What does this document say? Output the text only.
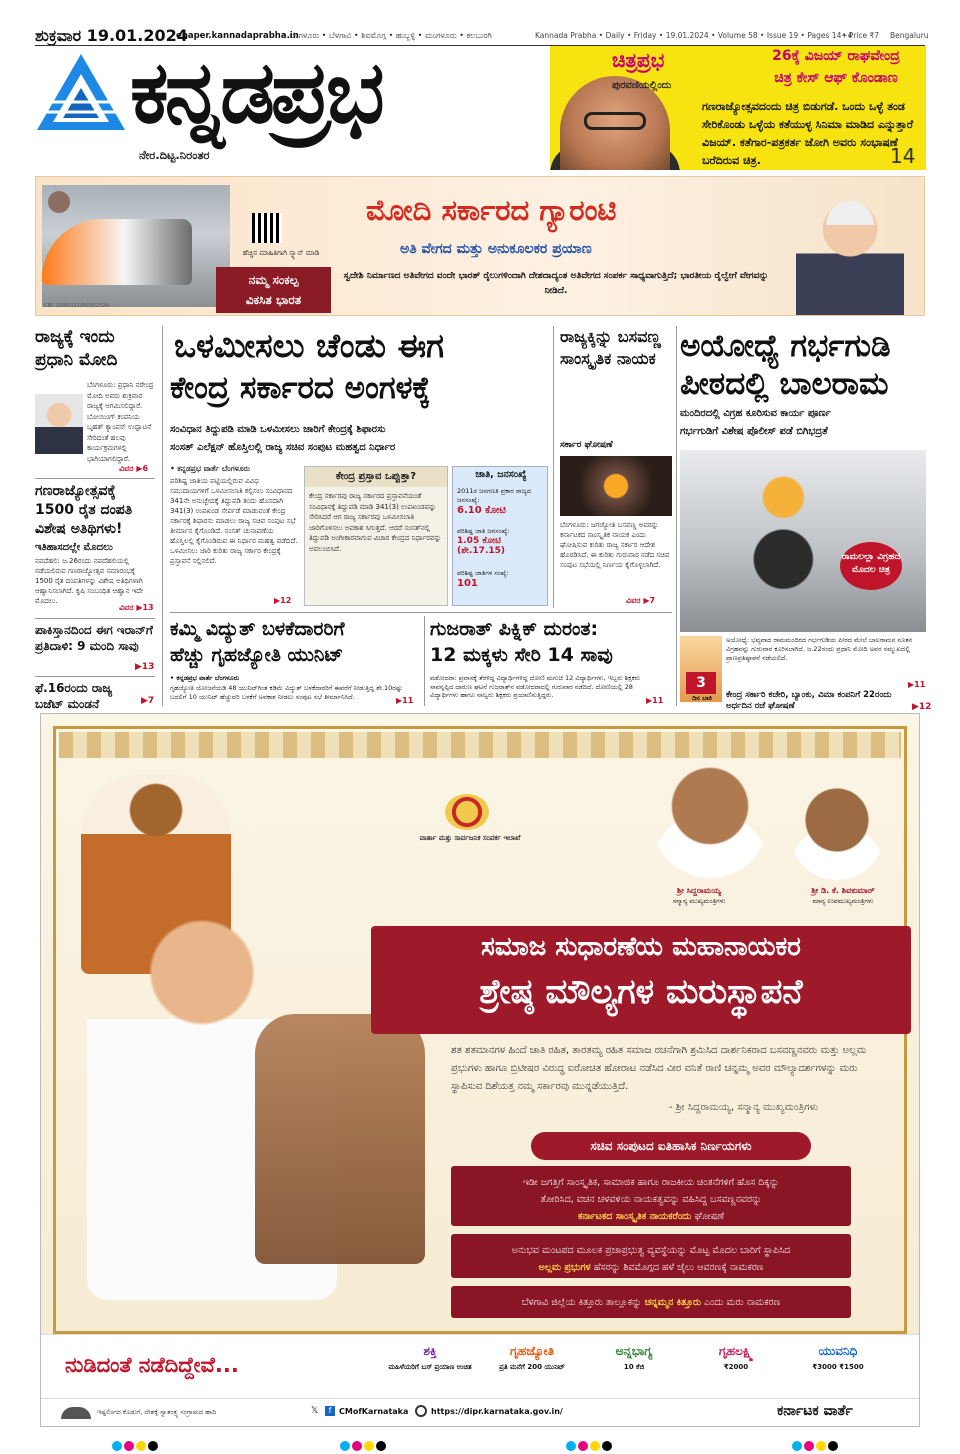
ಶುಕ್ರವಾರ 19.01.2024
epaper.kannadaprabha.in
• ಬೆಂಗಳೂರು • ಬೆಳಗಾವಿ • ಶಿವಮೊಗ್ಗ • ಹುಬ್ಬಳ್ಳಿ • ಮಂಗಳೂರು • ಕಲಬುರಗಿ	Kannada Prabha • Daily • Friday • 19.01.2024 • Volume 58 • Issue 19 • Pages 14+4
• Price ₹7 Bengaluru
ಕನ್ನಡಪ್ರಭ
ನೇರ.ದಿಟ್ಟ.ನಿರಂತರ
ಚಿತ್ರಪ್ರಭ
ಪುರವಣಿಯಲ್ಲಿಂದು
26ಕ್ಕೆ ವಿಜಯ್ ರಾಘವೇಂದ್ರ
ಚಿತ್ರ ಕೇಸ್ ಆಫ್ ಕೊಂಡಾಣ
ಗಣರಾಜ್ಯೋತ್ಸವದಂದು ಚಿತ್ರ ಬಿಡುಗಡೆ. ಒಂದು ಒಳ್ಳೆ ತಂಡ ಸೇರಿಕೊಂಡು ಒಳ್ಳೆಯ ಕತೆಯುಳ್ಳ ಸಿನಿಮಾ ಮಾಡಿದ ಎನ್ನುತ್ತಾರೆ ವಿಜಯ್. ಕತೆಗಾರ-ಪತ್ರಕರ್ತ ಜೋಗಿ ಅವರು ಸಂಭಾಷಣೆ ಬರೆದಿರುವ ಚಿತ್ರ.	14
CBC 22001/11/0016/2324
ಹೆಚ್ಚಿನ ಮಾಹಿತಿಗಾಗಿ ಸ್ಕ್ಯಾನ್ ಮಾಡಿ
ನಮ್ಮ ಸಂಕಲ್ಪ
ವಿಕಸಿತ ಭಾರತ
ಮೋದಿ ಸರ್ಕಾರದ ಗ್ಯಾರಂಟಿ
ಅತಿ ವೇಗದ ಮತ್ತು ಅನುಕೂಲಕರ ಪ್ರಯಾಣ
ಸ್ವದೇಶಿ ನಿರ್ಮಾಣದ ಅತಿವೇಗದ ವಂದೇ ಭಾರತ್ ರೈಲುಗಳಿಂದಾಗಿ ದೇಶದಾದ್ಯಂತ ಅತಿವೇಗದ ಸಂಪರ್ಕ ಸಾಧ್ಯವಾಗುತ್ತಿದೆ; ಭಾರತೀಯ ರೈಲ್ವೇಗೆ ವೇಗವನ್ನು ನೀಡಿದೆ.
ರಾಜ್ಯಕ್ಕೆ ಇಂದು ಪ್ರಧಾನಿ ಮೋದಿ
ಬೆಂಗಳೂರು: ಪ್ರಧಾನಿ ನರೇಂದ್ರ ಮೋದಿ ಅವರು ಶುಕ್ರವಾರ ರಾಜ್ಯಕ್ಕೆ ಆಗಮಿಸಲಿದ್ದಾರೆ. ಬೋಯಿಂಗ್ ಕಂಪನಿಯ ಬೃಹತ್ ಕ್ಯಾಂಪಸ್ ಉದ್ಘಾಟನೆ ಸೇರಿದಂತೆ ಹಲವು ಕಾರ್ಯಕ್ರಮಗಳಲ್ಲಿ ಭಾಗಿಯಾಗಲಿದ್ದಾರೆ.
ವಿವರ ▶6
ಗಣರಾಜ್ಯೋತ್ಸವಕ್ಕೆ 1500 ರೈತ ದಂಪತಿ ವಿಶೇಷ ಅತಿಥಿಗಳು!
ಇತಿಹಾಸದಲ್ಲೇ ಮೊದಲು
ನವದೆಹಲಿ: ಜ.26ರಂದು ನವದೆಹಲಿಯಲ್ಲಿ ನಡೆಯಲಿರುವ ಗಣರಾಜ್ಯೋತ್ಸವ ಸಮಾರಂಭಕ್ಕೆ 1500 ರೈತ ದಂಪತಿಗಳನ್ನು ವಿಶೇಷ ಅತಿಥಿಗಳಾಗಿ ಆಹ್ವಾನಿಸಲಾಗಿದೆ. ಕೃಷಿ ಸಂಬಂಧಿತ ಆಹ್ವಾನ ಇದೇ ಮೊದಲು.
ವಿವರ ▶13
ಪಾಕಿಸ್ತಾನದಿಂದ ಈಗ ಇರಾನ್‌ಗೆ ಪ್ರತಿದಾಳಿ: 9 ಮಂದಿ ಸಾವು
▶13
ಫೆ.16ರಂದು ರಾಜ್ಯ ಬಜೆಟ್ ಮಂಡನೆ	▶7
ಒಳಮೀಸಲು ಚೆಂಡು ಈಗ
ಕೇಂದ್ರ ಸರ್ಕಾರದ ಅಂಗಳಕ್ಕೆ
ಸಂವಿಧಾನ ತಿದ್ದುಪಡಿ ಮಾಡಿ ಒಳಮೀಸಲು ಜಾರಿಗೆ ಕೇಂದ್ರಕ್ಕೆ ಶಿಫಾರಸು
ಸಂಸತ್ ಎಲೆಕ್ಷನ್ ಹೊಸ್ತಿಲಲ್ಲಿ ರಾಜ್ಯ ಸಚಿವ ಸಂಪುಟ ಮಹತ್ವದ ನಿರ್ಧಾರ
• ಕನ್ನಡಪ್ರಭ ವಾರ್ತೆ ಬೆಂಗಳೂರು
ಪರಿಶಿಷ್ಟ ಜಾತಿಯ ಪಟ್ಟಿಯಲ್ಲಿರುವ ವಿವಿಧ ಸಮುದಾಯಗಳಿಗೆ ಒಳಮೀಸಲಾತಿ ಕಲ್ಪಿಸಲು ಸಂವಿಧಾನದ 341ನೇ ಅನುಚ್ಛೇದಕ್ಕೆ ತಿದ್ದುಪಡಿ ತಂದು ಹೊಸದಾಗಿ 341(3) ಉಪಖಂಡ ಸೇರ್ಪಡೆ ಮಾಡುವಂತೆ ಕೇಂದ್ರ ಸರ್ಕಾರಕ್ಕೆ ಶಿಫಾರಸು ಮಾಡಲು ರಾಜ್ಯ ಸಚಿವ ಸಂಪುಟ ಸಭೆ ತೀರ್ಮಾನ ಕೈಗೊಂಡಿದೆ. ಸಂಸತ್ ಚುನಾವಣೆಯ ಹೊಸ್ತಿಲಲ್ಲಿ ಕೈಗೊಂಡಿರುವ ಈ ನಿರ್ಧಾರ ಮಹತ್ವ ಪಡೆದಿದೆ. ಒಳಮೀಸಲು ಜಾರಿ ಕುರಿತು ರಾಜ್ಯ ಸರ್ಕಾರ ಕೇಂದ್ರಕ್ಕೆ ಪ್ರಸ್ತಾವನೆ ಸಲ್ಲಿಸಲಿದೆ.
▶12
ಕೇಂದ್ರ ಪ್ರಸ್ತಾವ ಒಪ್ಪುತ್ತಾ?
ಕೇಂದ್ರ ಸರ್ಕಾರವು ರಾಜ್ಯ ಸರ್ಕಾರದ ಪ್ರಸ್ತಾವನೆಯಂತೆ ಸಂವಿಧಾನಕ್ಕೆ ತಿದ್ದುಪಡಿ ಮಾಡಿ 341(3) ಉಪಖಂಡವನ್ನು ಸೇರಿಸಿದರೆ ಆಗ ರಾಜ್ಯ ಸರ್ಕಾರವು ಒಳಮೀಸಲಾತಿ ಜಾರಿಗೊಳಿಸಲು ಅವಕಾಶ ಸಿಗುತ್ತದೆ. ಆದರೆ ಸಂಸತ್‌ನಲ್ಲಿ ತಿದ್ದುಪಡಿ ಅಂಗೀಕಾರವಾಗುವ ವಿಚಾರ ಕೇಂದ್ರದ ನಿರ್ಧಾರವನ್ನು ಅವಲಂಬಿಸಿದೆ.
ಜಾತಿ, ಜನಸಂಖ್ಯೆ
2011ರ ಜನಗಣತಿ ಪ್ರಕಾರ ರಾಜ್ಯದ ಜನಸಂಖ್ಯೆ:
6.10 ಕೋಟಿ
ಪರಿಶಿಷ್ಟ ಜಾತಿ ಜನಸಂಖ್ಯೆ:
1.05 ಕೋಟಿ (ಶೇ.17.15)
ಪರಿಶಿಷ್ಟ ಜಾತಿಗಳ ಸಂಖ್ಯೆ:
101
ರಾಜ್ಯಕ್ಕಿನ್ನು ಬಸವಣ್ಣ ಸಾಂಸ್ಕೃತಿಕ ನಾಯಕ
ಸರ್ಕಾರ ಘೋಷಣೆ
ಬೆಂಗಳೂರು: ಜಗಜ್ಯೋತಿ ಬಸವಣ್ಣ ಅವರನ್ನು ಕರ್ನಾಟಕದ ಸಾಂಸ್ಕೃತಿಕ ನಾಯಕ ಎಂದು ಘೋಷಿಸುವ ಕುರಿತು ರಾಜ್ಯ ಸರ್ಕಾರ ಆದೇಶ ಹೊರಡಿಸಿದೆ. ಈ ಕುರಿತು ಗುರುವಾರ ನಡೆದ ಸಚಿವ ಸಂಪುಟ ಸಭೆಯಲ್ಲಿ ನಿರ್ಣಯ ಕೈಗೊಳ್ಳಲಾಗಿದೆ.
ವಿವರ ▶7
ಅಯೋಧ್ಯೆ ಗರ್ಭಗುಡಿ
ಪೀಠದಲ್ಲಿ ಬಾಲರಾಮ
ಮಂದಿರದಲ್ಲಿ ವಿಗ್ರಹ ಕೂರಿಸುವ ಕಾರ್ಯ ಪೂರ್ಣ
ಗರ್ಭಗುಡಿಗೆ ವಿಶೇಷ ಪೊಲೀಸ್ ಪಡೆ ಬಿಗಿಭದ್ರತೆ
ರಾಮಲಲ್ಲಾ ವಿಗ್ರಹದ ಮೊದಲ ಚಿತ್ರ
3
ದಿನ ಬಾಕಿ
ಅಯೋಧ್ಯೆ: ಭವ್ಯವಾದ ರಾಮಮಂದಿರದ ಗರ್ಭಗುಡಿಯ ಪೀಠದ ಮೇಲೆ ಬಾಲರಾಮನ ನೂತನ ವಿಗ್ರಹವನ್ನು ಗುರುವಾರ ಕೂರಿಸಲಾಗಿದೆ. ಜ.22ರಂದು ಪ್ರಧಾನಿ ಮೋದಿ ಅವರ ಸಮ್ಮುಖದಲ್ಲಿ ಪ್ರಾಣಪ್ರತಿಷ್ಠಾಪನೆ ನಡೆಯಲಿದೆ.
▶11
ಕೇಂದ್ರ ಸರ್ಕಾರಿ ಕಚೇರಿ, ಬ್ಯಾಂಕು, ವಿಮಾ ಕಂಪನಿಗೆ 22ರಂದು ಅರ್ಧದಿನ ರಜೆ ಘೋಷಣೆ	▶12
ಕಮ್ಮಿ ವಿದ್ಯುತ್ ಬಳಕೆದಾರರಿಗೆ
ಹೆಚ್ಚು ಗೃಹಜ್ಯೋತಿ ಯುನಿಟ್
• ಕನ್ನಡಪ್ರಭ ವಾರ್ತೆ ಬೆಂಗಳೂರು
ಗೃಹಜ್ಯೋತಿ ಯೋಜನೆಯಡಿ 48 ಯುನಿಟ್‌ಗಿಂತ ಕಡಿಮೆ ವಿದ್ಯುತ್ ಬಳಕೆದಾರರಿಗೆ ಈವರೆಗೆ ನೀಡುತ್ತಿದ್ದ ಶೇ.10ರಷ್ಟು ಬದಲಿಗೆ 10 ಯುನಿಟ್ ಹೆಚ್ಚುವರಿ ಬಳಕೆಗೆ ಅವಕಾಶ ನೀಡಲು ಸಂಪುಟ ಸಭೆ ತೀರ್ಮಾನಿಸಿದೆ.	▶11
ಗುಜರಾತ್ ಪಿಕ್ನಿಕ್ ದುರಂತ:
12 ಮಕ್ಕಳು ಸೇರಿ 14 ಸಾವು
ವಡೋದರಾ: ಪ್ರವಾಸಕ್ಕೆ ತೆರಳಿದ್ದ ವಿದ್ಯಾರ್ಥಿಗಳಿದ್ದ ದೋಣಿ ಮಗುಚಿ 12 ವಿದ್ಯಾರ್ಥಿಗಳು, ಇಬ್ಬರು ಶಿಕ್ಷಕರು ಸಾವನ್ನಪ್ಪಿದ ದಾರುಣ ಘಟನೆ ಗುಜರಾತ್‌ನ ವಡೋದರಾದಲ್ಲಿ ಗುರುವಾರ ನಡೆದಿದೆ. ದೋಣಿಯಲ್ಲಿ 28 ವಿದ್ಯಾರ್ಥಿಗಳು ಹಾಗೂ ನಾಲ್ವರು ಶಿಕ್ಷಕರು ಪ್ರಯಾಣಿಸುತ್ತಿದ್ದರು.
▶11
ವಾರ್ತಾ ಮತ್ತು ಸಾರ್ವಜನಿಕ ಸಂಪರ್ಕ ಇಲಾಖೆ
ಶ್ರೀ ಸಿದ್ದರಾಮಯ್ಯ
ಸನ್ಮಾನ್ಯ ಮುಖ್ಯಮಂತ್ರಿಗಳು
ಶ್ರೀ ಡಿ. ಕೆ. ಶಿವಕುಮಾರ್
ಮಾನ್ಯ ಉಪಮುಖ್ಯಮಂತ್ರಿಗಳು
ಸಮಾಜ ಸುಧಾರಣೆಯ ಮಹಾನಾಯಕರ
ಶ್ರೇಷ್ಠ ಮೌಲ್ಯಗಳ ಮರುಸ್ಥಾಪನೆ
ಶತ ಶತಮಾನಗಳ ಹಿಂದೆ ಜಾತಿ ರಹಿತ, ತಾರತಮ್ಯ ರಹಿತ ಸಮಾಜ ರಚನೆಗಾಗಿ ಶ್ರಮಿಸಿದ ದಾರ್ಶನಿಕರಾದ ಬಸವಣ್ಣನವರು ಮತ್ತು ಅಲ್ಲಮ ಪ್ರಭುಗಳು ಹಾಗೂ ಬ್ರಿಟೀಷರ ವಿರುದ್ಧ ಐರೋಚಿತ ಹೋರಾಟ ನಡೆಸಿದ ವೀರ ವನಿತೆ ರಾಣಿ ಚನ್ನಮ್ಮ ಅವರ ಮೌಲ್ಯಾದರ್ಶಗಳನ್ನು ಮರು ಸ್ಥಾಪಿಸುವ ದಿಶೆಯತ್ತ ನಮ್ಮ ಸರ್ಕಾರವು ಮುನ್ನಡೆಯುತ್ತಿದೆ.
- ಶ್ರೀ ಸಿದ್ದರಾಮಯ್ಯ, ಸನ್ಮಾನ್ಯ ಮುಖ್ಯಮಂತ್ರಿಗಳು
ಸಚಿವ ಸಂಪುಟದ ಐತಿಹಾಸಿಕ ನಿರ್ಣಯಗಳು
ಇಡೀ ಜಗತ್ತಿಗೆ ಸಾಂಸ್ಕೃತಿಕ, ಸಾಮಾಜಿಕ ಹಾಗೂ ರಾಜಕೀಯ ಚಿಂತನೆಗಳಿಗೆ ಹೊಸ ದಿಕ್ಕನ್ನು
ತೋರಿಸಿದ, ವಚನ ಚಳವಳಿಯ ನಾಯಕತ್ವವನ್ನು ವಹಿಸಿದ್ದ ಬಸವಣ್ಣನವರನ್ನು
ಕರ್ನಾಟಕದ ಸಾಂಸ್ಕೃತಿಕ ನಾಯಕರೆಂದು ಘೋಷಣೆ
ಅನುಭವ ಮಂಟಪದ ಮೂಲಕ ಪ್ರಜಾಪ್ರಭುತ್ವ ವ್ಯವಸ್ಥೆಯನ್ನು ಮೊಟ್ಟ ಮೊದಲ ಬಾರಿಗೆ ಸ್ಥಾಪಿಸಿದ
ಅಲ್ಲಮ ಪ್ರಭುಗಳ ಹೆಸರನ್ನು ಶಿವಮೊಗ್ಗದ ಹಳೆ ಜೈಲು ಆವರಣಕ್ಕೆ ನಾಮಕರಣ
ಬೆಳಗಾವಿ ಜಿಲ್ಲೆಯ ಕಿತ್ತೂರು ತಾಲ್ಲೂಕನ್ನು ಚನ್ನಮ್ಮನ ಕಿತ್ತೂರು ಎಂದು ಮರು ನಾಮಕರಣ
ನುಡಿದಂತೆ ನಡೆದಿದ್ದೇವೆ...
ಶಕ್ತಿ
ಮಹಿಳೆಯರಿಗೆ ಬಸ್ ಪ್ರಯಾಣ ಉಚಿತ
ಗೃಹಜ್ಯೋತಿ
ಪ್ರತಿ ಮನೆಗೆ 200 ಯುನಿಟ್
ಅನ್ನಭಾಗ್ಯ
10 ಕೆಜಿ
ಗೃಹಲಕ್ಷ್ಮಿ
₹2000
ಯುವನಿಧಿ
₹3000 ₹1500
ಇಷ್ಟಲಿಂಗದ ಕೊಡುಗೆ, ದೇಶಕ್ಕೆ ಸ್ವಾತಂತ್ರ್ಯ ಸಂಗ್ರಾಮದ ಹಾದಿ	𝕏	f CMofKarnataka	https://dipr.karnataka.gov.in/	ಕರ್ನಾಟಕ ವಾರ್ತೆ
